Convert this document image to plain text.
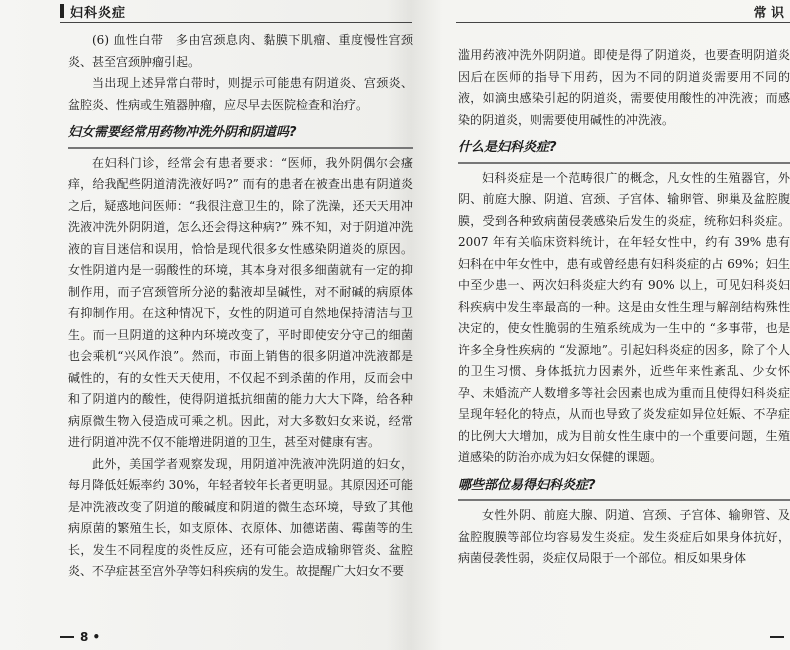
妇科炎症

(6) 血性白带　多由宫颈息肉、黏膜下肌瘤、重度慢性宫颈炎、甚至宫颈肿瘤引起。

当出现上述异常白带时，则提示可能患有阴道炎、宫颈炎、盆腔炎、性病或生殖器肿瘤，应尽早去医院检查和治疗。

妇女需要经常用药物冲洗外阴和阴道吗?

在妇科门诊，经常会有患者要求：“医师，我外阴偶尔会瘙痒，给我配些阴道清洗液好吗?” 而有的患者在被查出患有阴道炎之后，疑惑地问医师：“我很注意卫生的，除了洗澡，还天天用冲洗液冲洗外阴阴道，怎么还会得这种病?” 殊不知，对于阴道冲洗液的盲目迷信和误用，恰恰是现代很多女性感染阴道炎的原因。女性阴道内是一弱酸性的环境，其本身对很多细菌就有一定的抑制作用，而子宫颈管所分泌的黏液却呈碱性，对不耐碱的病原体有抑制作用。在这种情况下，女性的阴道可自然地保持清洁与卫生。而一旦阴道的这种内环境改变了，平时即使安分守己的细菌也会乘机“兴风作浪”。然而，市面上销售的很多阴道冲洗液都是碱性的，有的女性天天使用，不仅起不到杀菌的作用，反而会中和了阴道内的酸性，使得阴道抵抗细菌的能力大大下降，给各种病原微生物入侵造成可乘之机。因此，对大多数妇女来说，经常进行阴道冲洗不仅不能增进阴道的卫生，甚至对健康有害。

此外，美国学者观察发现，用阴道冲洗液冲洗阴道的妇女，每月降低妊娠率约 30%，年轻者较年长者更明显。其原因还可能是冲洗液改变了阴道的酸碱度和阴道的微生态环境，导致了其他病原菌的繁殖生长，如支原体、衣原体、加德诺菌、霉菌等的生长，发生不同程度的炎性反应，还有可能会造成输卵管炎、盆腔炎、不孕症甚至宫外孕等妇科疾病的发生。故提醒广大妇女不要

8 •
常 识

滥用药液冲洗外阴阴道。即使是得了阴道炎，也要查明阴道炎因后在医师的指导下用药，因为不同的阴道炎需要用不同的液，如滴虫感染引起的阴道炎，需要使用酸性的冲洗液；而感染的阴道炎，则需要使用碱性的冲洗液。

什么是妇科炎症?

妇科炎症是一个范畴很广的概念，凡女性的生殖器官，外阴、前庭大腺、阴道、宫颈、子宫体、输卵管、卵巢及盆腔腹膜，受到各种致病菌侵袭感染后发生的炎症，统称妇科炎症。2007 年有关临床资料统计，在年轻女性中，约有 39% 患有妇科在中年女性中，患有或曾经患有妇科炎症的占 69%；妇生中至少患一、两次妇科炎症大约有 90% 以上，可见妇科炎妇科疾病中发生率最高的一种。这是由女性生理与解剖结构殊性决定的，使女性脆弱的生殖系统成为一生中的 “多事带，也是许多全身性疾病的 “发源地”。引起妇科炎症的因多，除了个人的卫生习惯、身体抵抗力因素外，近些年来性紊乱、少女怀孕、未婚流产人数增多等社会因素也成为重而且使得妇科炎症呈现年轻化的特点，从而也导致了炎发症如异位妊娠、不孕症的比例大大增加，成为目前女性生康中的一个重要问题，生殖道感染的防治亦成为妇女保健的课题。

哪些部位易得妇科炎症?

女性外阴、前庭大腺、阴道、宫颈、子宫体、输卵管、及盆腔腹膜等部位均容易发生炎症。发生炎症后如果身体抗好，病菌侵袭性弱，炎症仅局限于一个部位。相反如果身体
